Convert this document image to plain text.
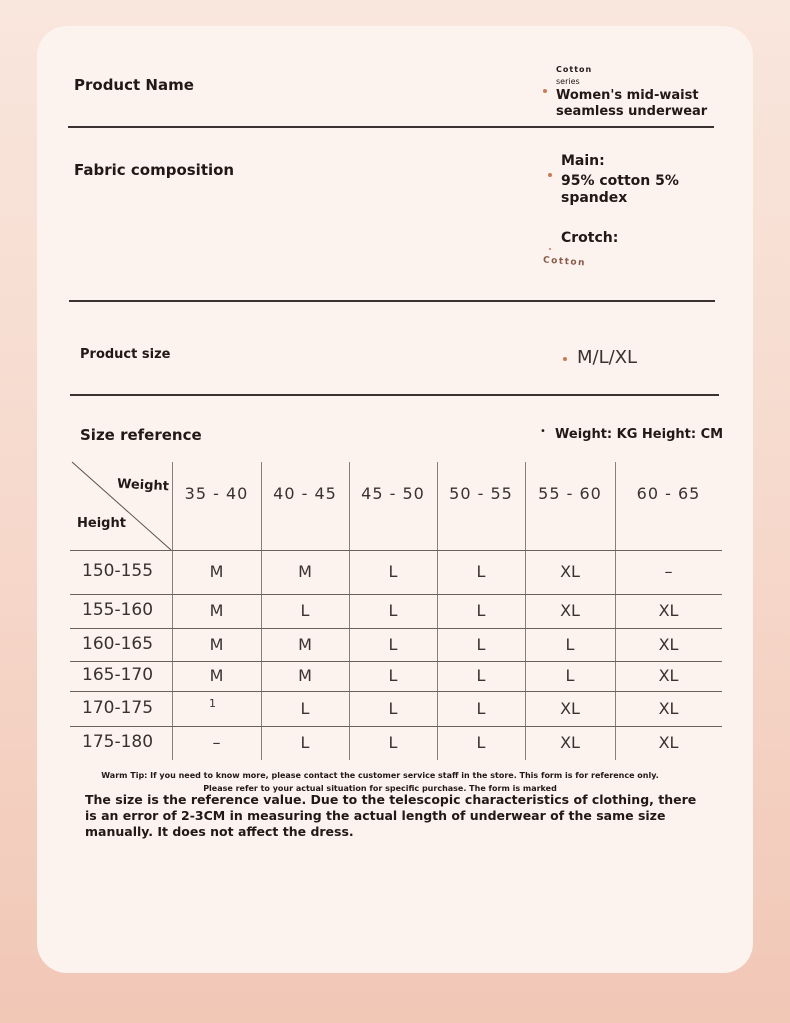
Product Name
Cotton
series
Women's mid-waist
seamless underwear
Fabric composition	Main:
95% cotton 5%
spandex
Crotch:
Cotton
Product size	M/L/XL
Size reference	• Weight: KG Height: CM
Weight
Height
35 - 40	40 - 45	45 - 50	50 - 55	55 - 60	60 - 65
150-155	M	M	L	L	XL	–
155-160	M	L	L	L	XL	XL
160-165	M	M	L	L	L	XL
165-170	M	M	L	L	L	XL
170-175	1	L	L	L	XL	XL
175-180	–	L	L	L	XL	XL
Warm Tip: If you need to know more, please contact the customer service staff in the store. This form is for reference only.
Please refer to your actual situation for specific purchase. The form is marked
The size is the reference value. Due to the telescopic characteristics of clothing, there is an error of 2-3CM in measuring the actual length of underwear of the same size manually. It does not affect the dress.
